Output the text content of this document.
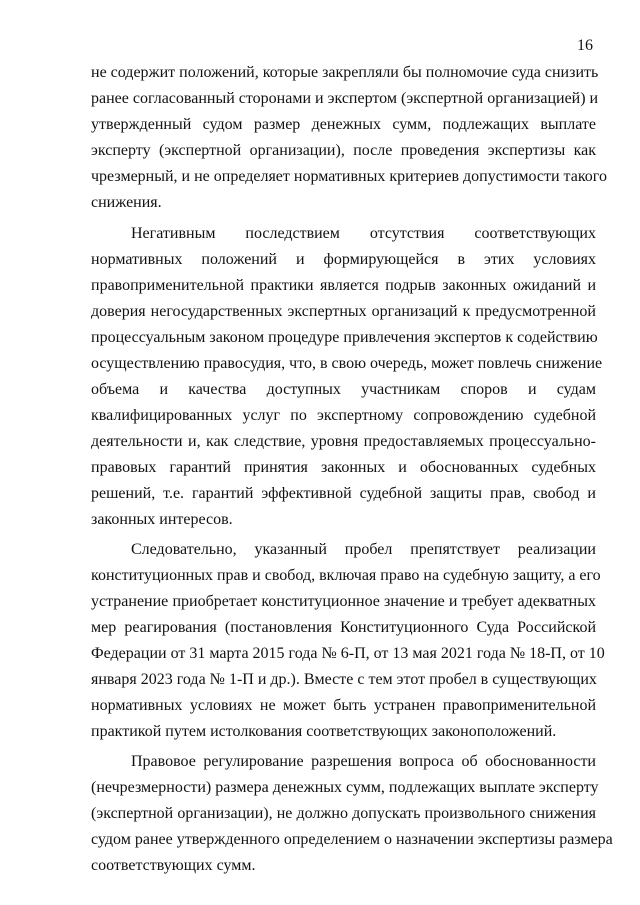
16
не содержит положений, которые закрепляли бы полномочие суда снизить
ранее согласованный сторонами и экспертом (экспертной организацией) и
утвержденный судом размер денежных сумм, подлежащих выплате
эксперту (экспертной организации), после проведения экспертизы как
чрезмерный, и не определяет нормативных критериев допустимости такого
снижения.
Негативным последствием отсутствия соответствующих
нормативных положений и формирующейся в этих условиях
правоприменительной практики является подрыв законных ожиданий и
доверия негосударственных экспертных организаций к предусмотренной
процессуальным законом процедуре привлечения экспертов к содействию
осуществлению правосудия, что, в свою очередь, может повлечь снижение
объема и качества доступных участникам споров и судам
квалифицированных услуг по экспертному сопровождению судебной
деятельности и, как следствие, уровня предоставляемых процессуально-
правовых гарантий принятия законных и обоснованных судебных
решений, т.е. гарантий эффективной судебной защиты прав, свобод и
законных интересов.
Следовательно, указанный пробел препятствует реализации
конституционных прав и свобод, включая право на судебную защиту, а его
устранение приобретает конституционное значение и требует адекватных
мер реагирования (постановления Конституционного Суда Российской
Федерации от 31 марта 2015 года № 6-П, от 13 мая 2021 года № 18-П, от 10
января 2023 года № 1-П и др.). Вместе с тем этот пробел в существующих
нормативных условиях не может быть устранен правоприменительной
практикой путем истолкования соответствующих законоположений.
Правовое регулирование разрешения вопроса об обоснованности
(нечрезмерности) размера денежных сумм, подлежащих выплате эксперту
(экспертной организации), не должно допускать произвольного снижения
судом ранее утвержденного определением о назначении экспертизы размера
соответствующих сумм.
